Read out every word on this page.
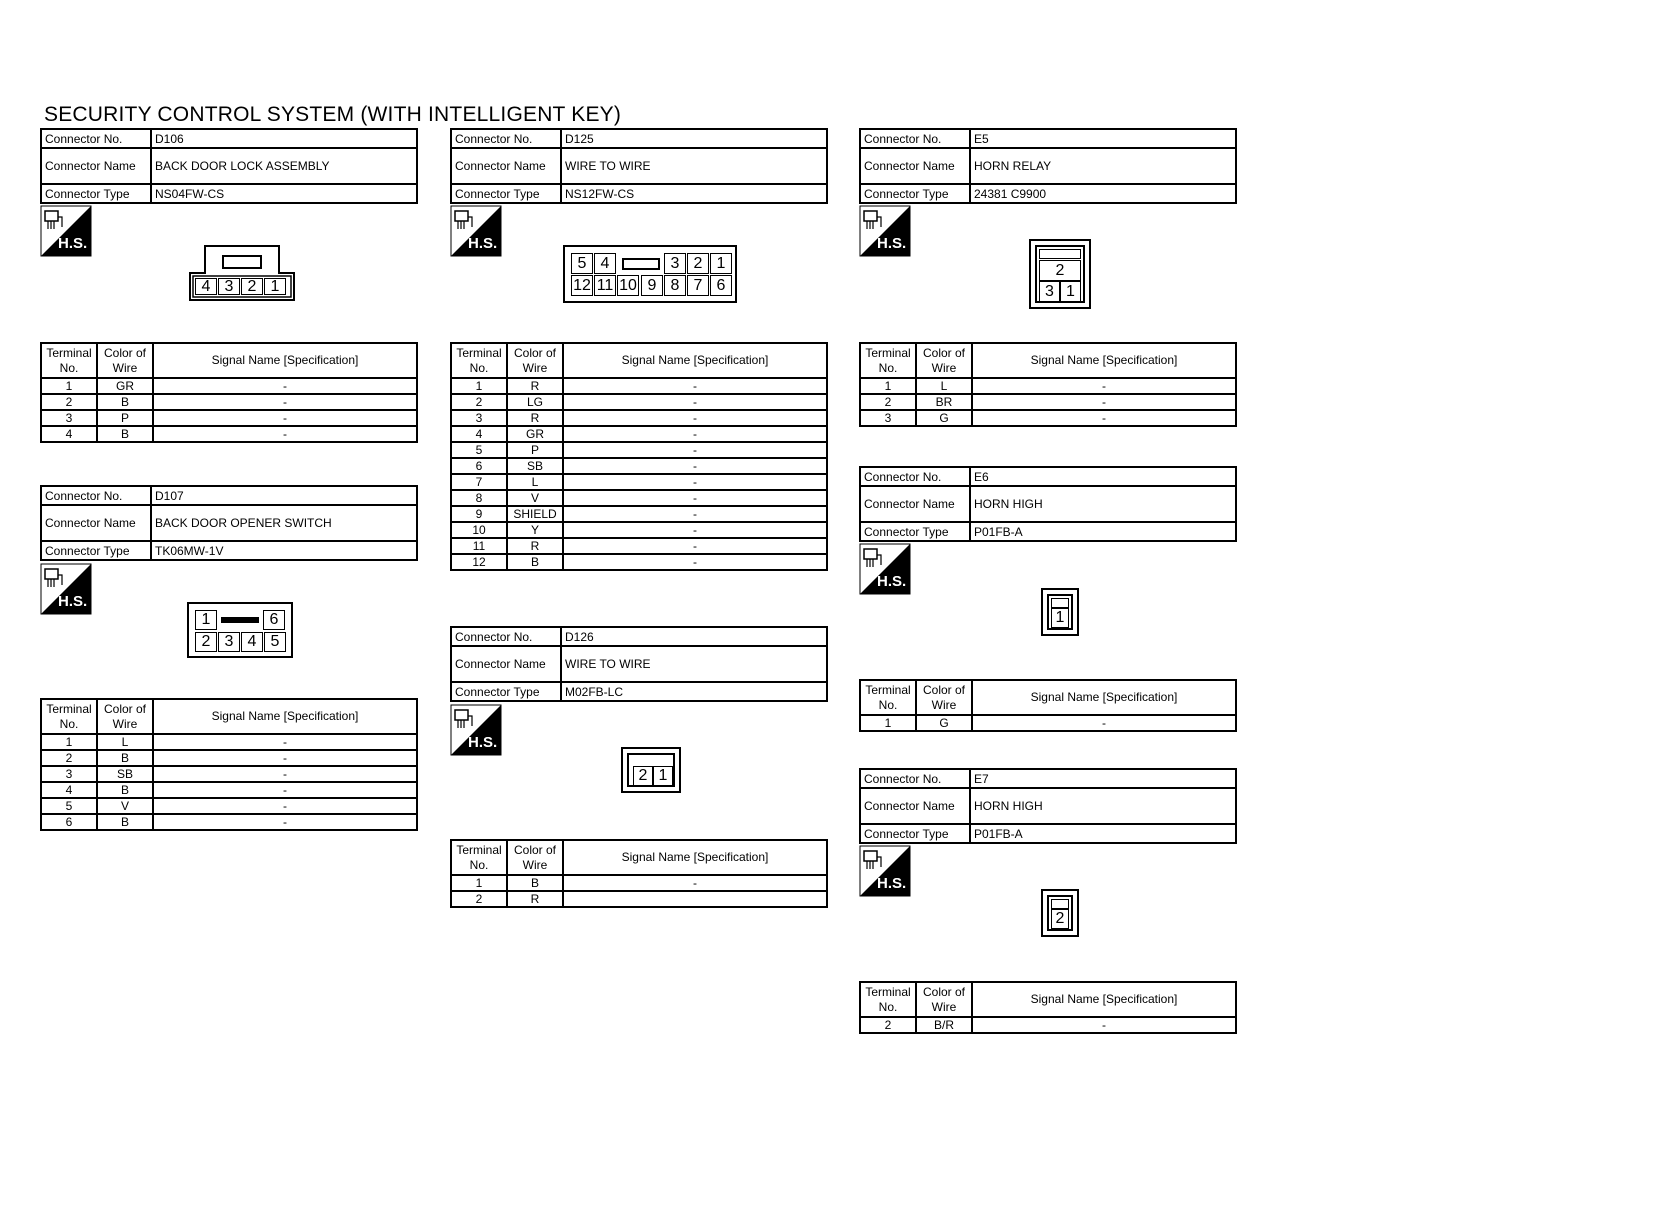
SECURITY CONTROL SYSTEM (WITH INTELLIGENT KEY)
Connector No.	D106
Connector Name	BACK DOOR LOCK ASSEMBLY
Connector Type	NS04FW-CS
H.S.
4 3 2 1
Terminal No.	Color of Wire	Signal Name [Specification]
1	GR	-
2	B	-
3	P	-
4	B	-
Connector No.	D107
Connector Name	BACK DOOR OPENER SWITCH
Connector Type	TK06MW-1V
H.S.
1	6
2 3 4 5
Terminal No.	Color of Wire	Signal Name [Specification]
1	L	-
2	B	-
3	SB	-
4	B	-
5	V	-
6	B	-
Connector No.	D125
Connector Name	WIRE TO WIRE
Connector Type	NS12FW-CS
H.S.
5 4	3 2 1
12 11 10 9 8 7 6
Terminal No.	Color of Wire	Signal Name [Specification]
1	R	-
2	LG	-
3	R	-
4	GR	-
5	P	-
6	SB	-
7	L	-
8	V	-
9	SHIELD	-
10	Y	-
11	R	-
12	B	-
Connector No.	D126
Connector Name	WIRE TO WIRE
Connector Type	M02FB-LC
H.S.
2 1
Terminal No.	Color of Wire	Signal Name [Specification]
1	B	-
2	R	
Connector No.	E5
Connector Name	HORN RELAY
Connector Type	24381 C9900
H.S.
2
3 1
Terminal No.	Color of Wire	Signal Name [Specification]
1	L	-
2	BR	-
3	G	-
Connector No.	E6
Connector Name	HORN HIGH
Connector Type	P01FB-A
H.S.
1
Terminal No.	Color of Wire	Signal Name [Specification]
1	G	-
Connector No.	E7
Connector Name	HORN HIGH
Connector Type	P01FB-A
H.S.
2
Terminal No.	Color of Wire	Signal Name [Specification]
2	B/R	-
